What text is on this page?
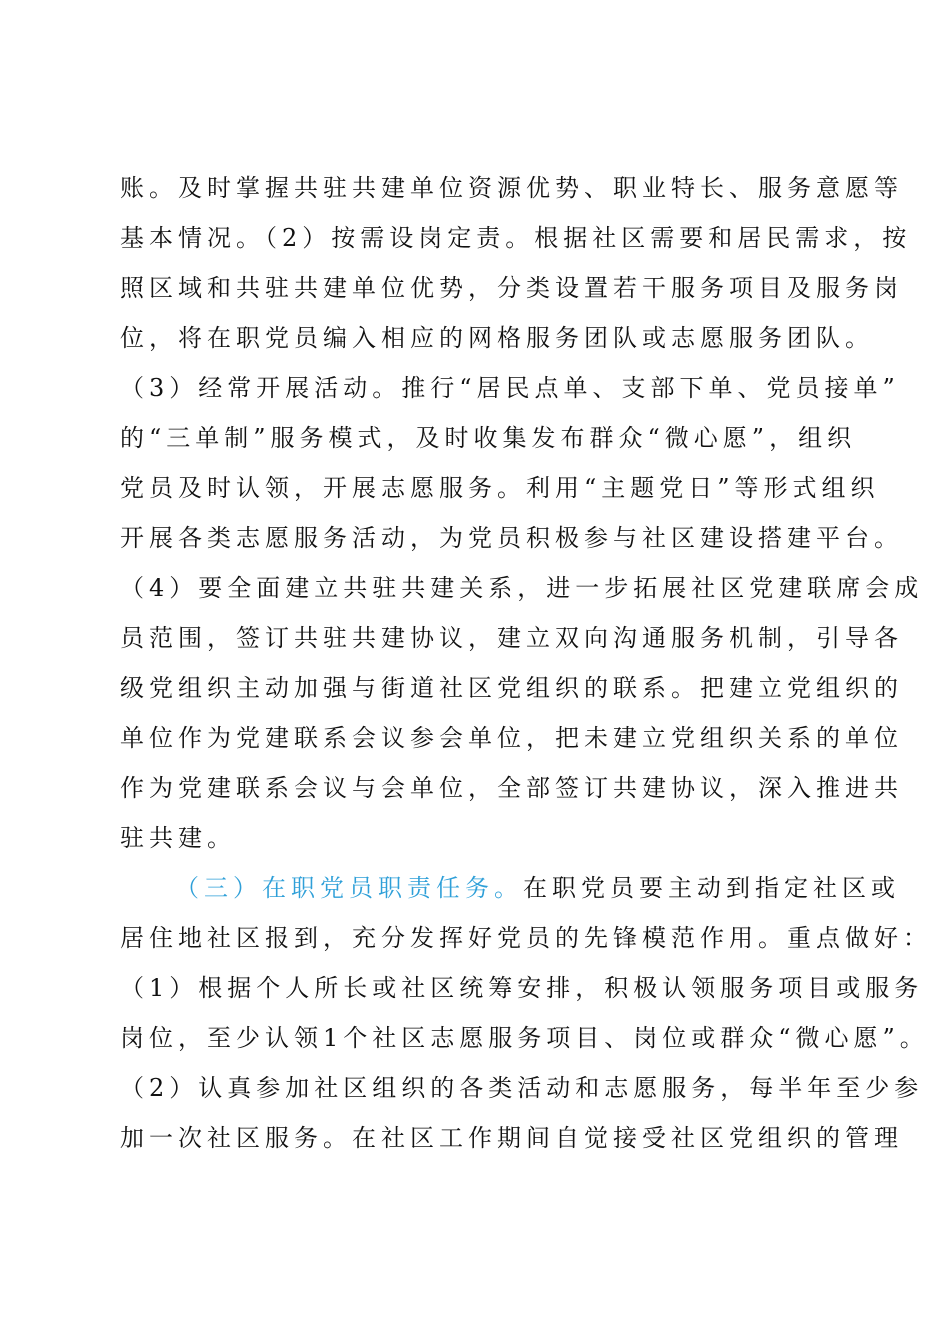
账。及时掌握共驻共建单位资源优势、职业特长、服务意愿等
基本情况。（2）按需设岗定责。根据社区需要和居民需求，按
照区域和共驻共建单位优势，分类设置若干服务项目及服务岗
位，将在职党员编入相应的网格服务团队或志愿服务团队。
（3）经常开展活动。推行“居民点单、支部下单、党员接单”
的“三单制”服务模式，及时收集发布群众“微心愿”，组织
党员及时认领，开展志愿服务。利用“主题党日”等形式组织
开展各类志愿服务活动，为党员积极参与社区建设搭建平台。
（4）要全面建立共驻共建关系，进一步拓展社区党建联席会成
员范围，签订共驻共建协议，建立双向沟通服务机制，引导各
级党组织主动加强与街道社区党组织的联系。把建立党组织的
单位作为党建联系会议参会单位，把未建立党组织关系的单位
作为党建联系会议与会单位，全部签订共建协议，深入推进共
驻共建。
（三）在职党员职责任务。在职党员要主动到指定社区或
居住地社区报到，充分发挥好党员的先锋模范作用。重点做好：
（1）根据个人所长或社区统筹安排，积极认领服务项目或服务
岗位，至少认领1个社区志愿服务项目、岗位或群众“微心愿”。
（2）认真参加社区组织的各类活动和志愿服务，每半年至少参
加一次社区服务。在社区工作期间自觉接受社区党组织的管理
